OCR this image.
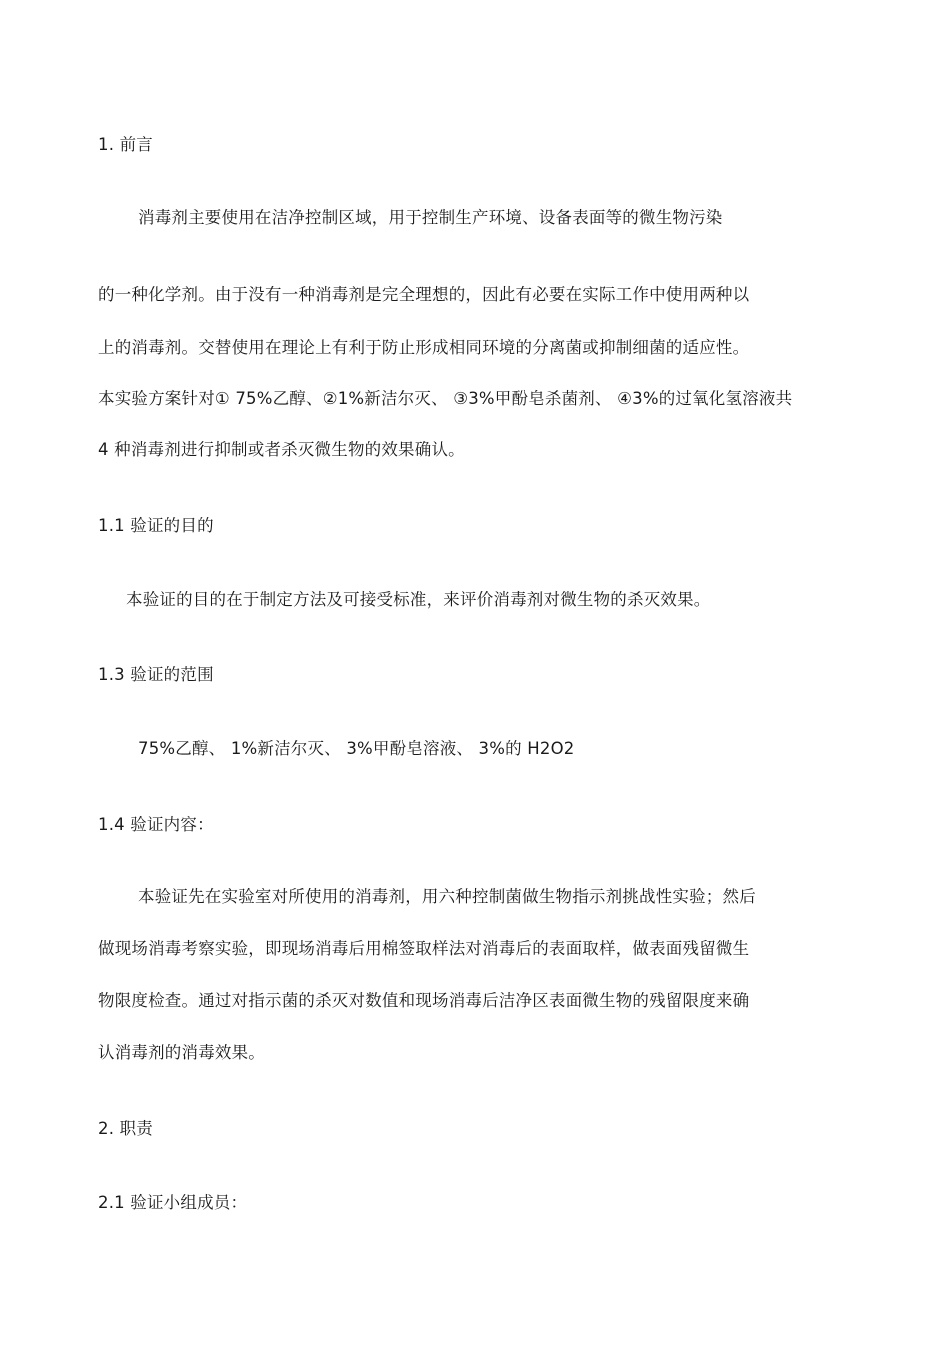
1. 前言
消毒剂主要使用在洁净控制区域，用于控制生产环境、设备表面等的微生物污染
的一种化学剂。由于没有一种消毒剂是完全理想的，因此有必要在实际工作中使用两种以
上的消毒剂。交替使用在理论上有利于防止形成相同环境的分离菌或抑制细菌的适应性。
本实验方案针对① 75%乙醇、②1%新洁尔灭、 ③3%甲酚皂杀菌剂、 ④3%的过氧化氢溶液共
4 种消毒剂进行抑制或者杀灭微生物的效果确认。
1.1 验证的目的
本验证的目的在于制定方法及可接受标准，来评价消毒剂对微生物的杀灭效果。
1.3 验证的范围
75%乙醇、 1%新洁尔灭、 3%甲酚皂溶液、 3%的 H2O2
1.4 验证内容：
本验证先在实验室对所使用的消毒剂，用六种控制菌做生物指示剂挑战性实验；然后
做现场消毒考察实验，即现场消毒后用棉签取样法对消毒后的表面取样，做表面残留微生
物限度检查。通过对指示菌的杀灭对数值和现场消毒后洁净区表面微生物的残留限度来确
认消毒剂的消毒效果。
2. 职责
2.1 验证小组成员：
